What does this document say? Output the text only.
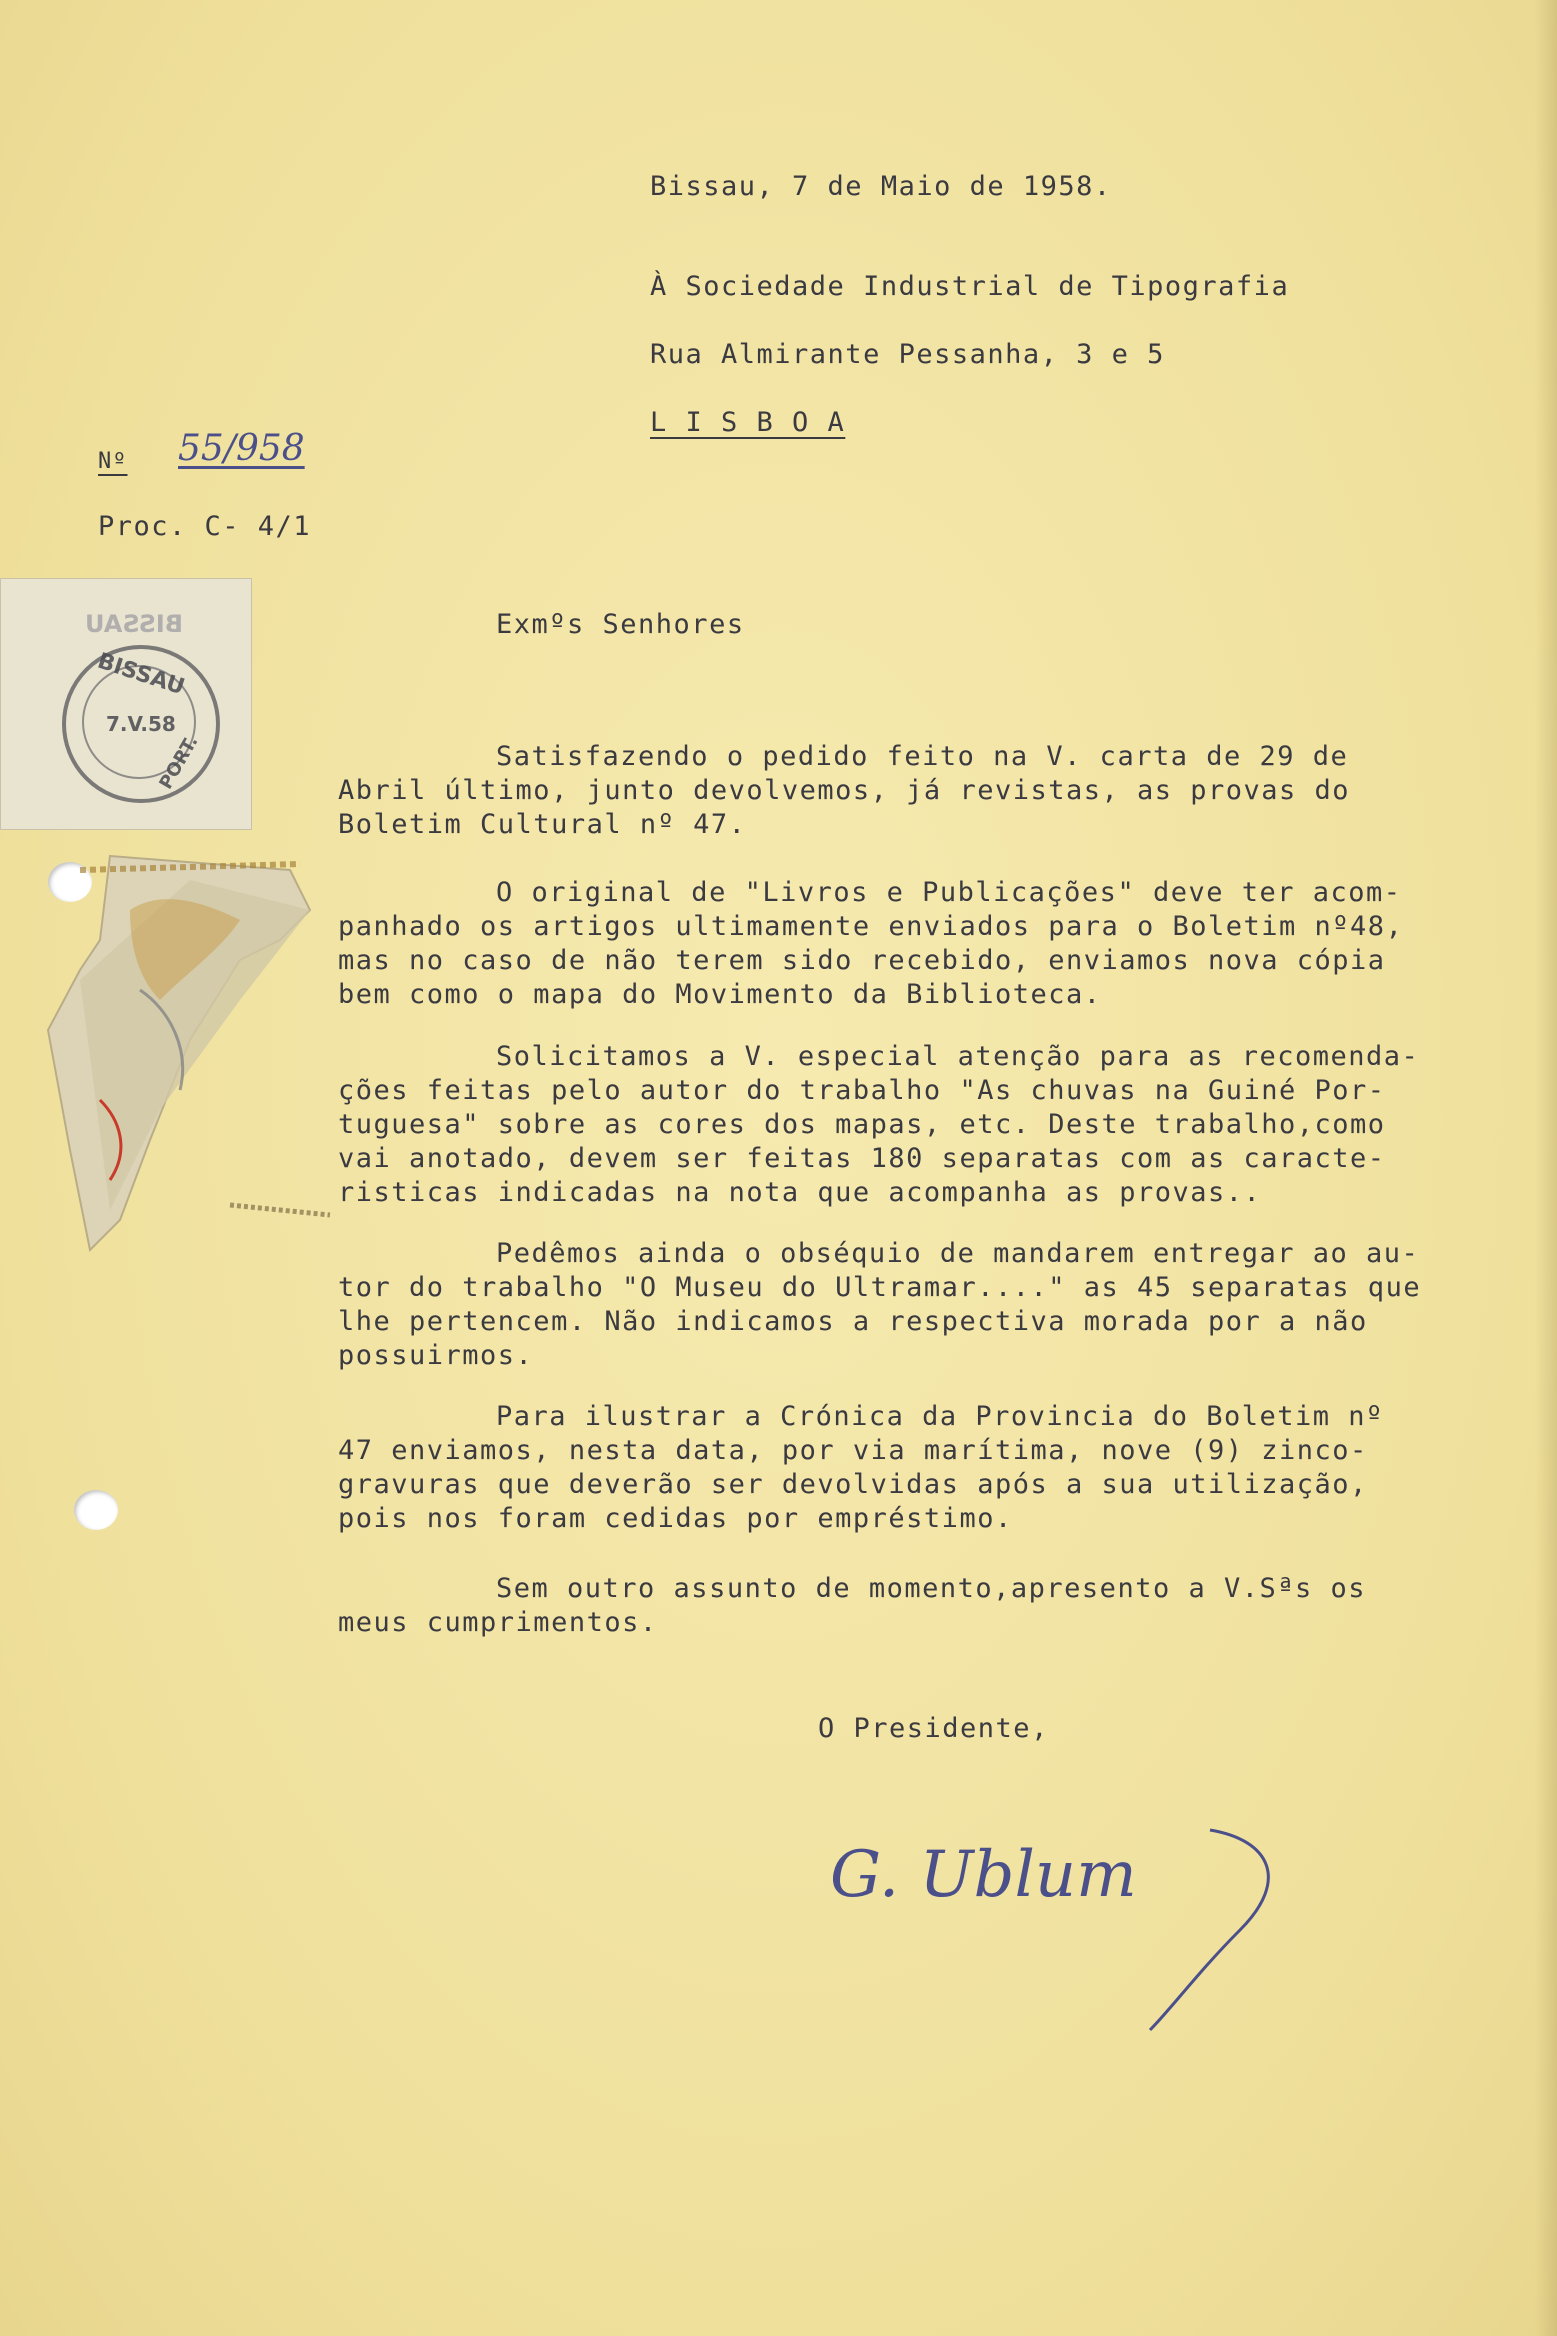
Bissau, 7 de Maio de 1958.

À Sociedade Industrial de Tipografia

Rua Almirante Pessanha, 3 e 5

L I S B O A

Nº 55/958

Proc. C- 4/1

BISSAU
BISSAU
7.V.58
PORT.

Exmºs Senhores

Satisfazendo o pedido feito na V. carta de 29 de
Abril último, junto devolvemos, já revistas, as provas do
Boletim Cultural nº 47.
O original de "Livros e Publicações" deve ter acom-
panhado os artigos ultimamente enviados para o Boletim nº48,
mas no caso de não terem sido recebido, enviamos nova cópia
bem como o mapa do Movimento da Biblioteca.
Solicitamos a V. especial atenção para as recomenda-
ções feitas pelo autor do trabalho "As chuvas na Guiné Por-
tuguesa" sobre as cores dos mapas, etc. Deste trabalho,como
vai anotado, devem ser feitas 180 separatas com as caracte-
risticas indicadas na nota que acompanha as provas..
Pedêmos ainda o obséquio de mandarem entregar ao au-
tor do trabalho "O Museu do Ultramar...." as 45 separatas que
lhe pertencem. Não indicamos a respectiva morada por a não
possuirmos.
Para ilustrar a Crónica da Provincia do Boletim nº
47 enviamos, nesta data, por via marítima, nove (9) zinco-
gravuras que deverão ser devolvidas após a sua utilização,
pois nos foram cedidas por empréstimo.
Sem outro assunto de momento,apresento a V.Sªs os
meus cumprimentos.

O Presidente,

G. Ublum
